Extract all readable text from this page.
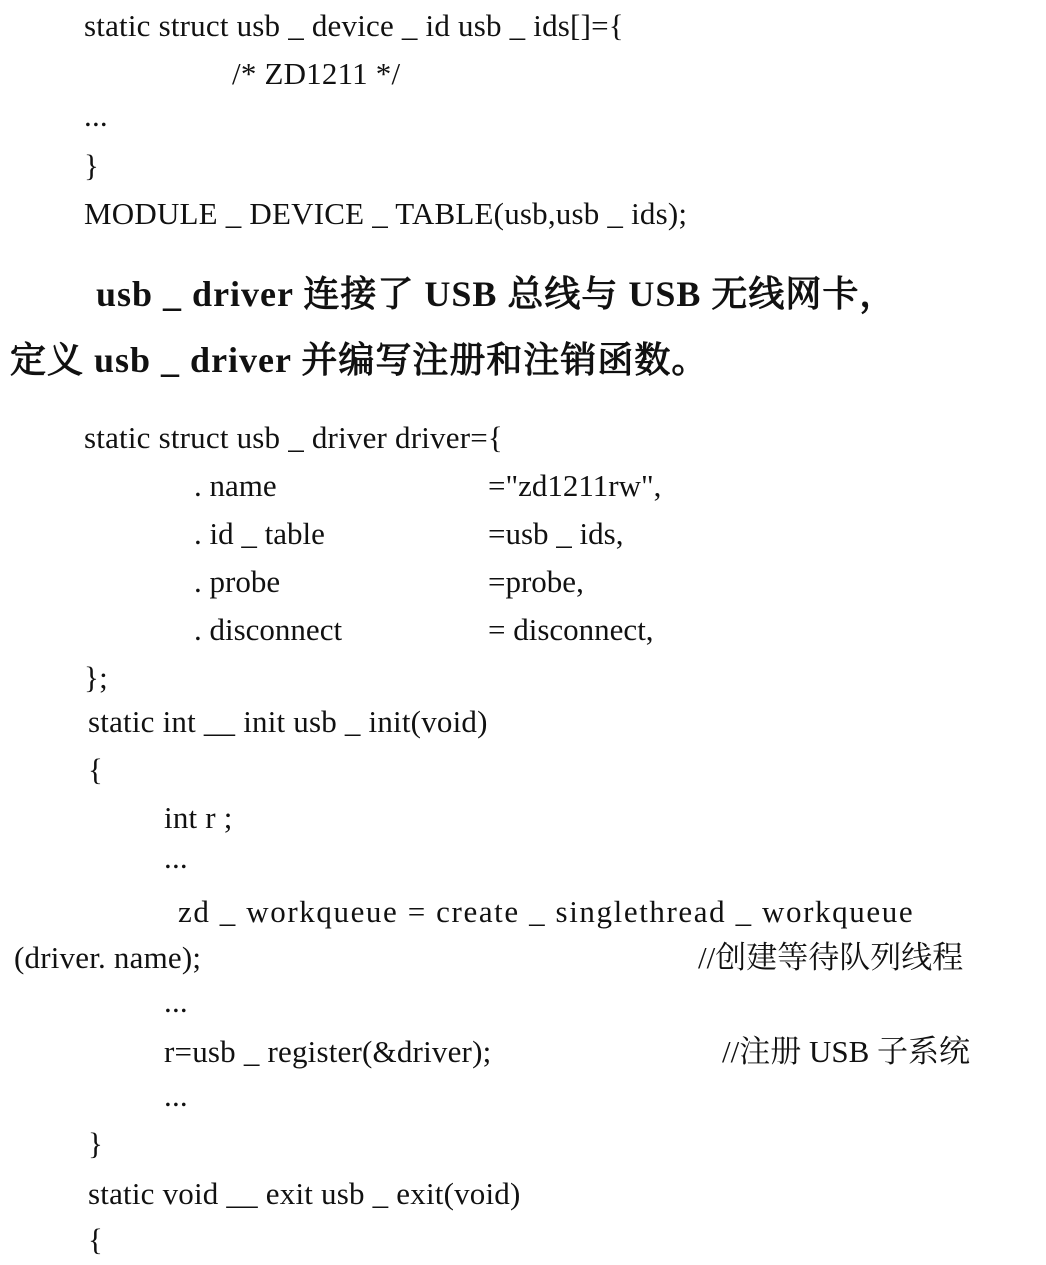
static struct usb _ device _ id usb _ ids[]={
/* ZD1211 */
...
}
MODULE _ DEVICE _ TABLE(usb,usb _ ids);
usb _ driver 连接了 USB 总线与 USB 无线网卡，
定义 usb _ driver 并编写注册和注销函数。
static struct usb _ driver driver={
. name	="zd1211rw",
. id _ table	=usb _ ids,
. probe	=probe,
. disconnect	= disconnect,
};
static int __ init usb _ init(void)
{
int r ;
...
zd _ workqueue = create _ singlethread _ workqueue
(driver. name);	//创建等待队列线程
...
r=usb _ register(&driver);	//注册 USB 子系统
...
}
static void __ exit usb _ exit(void)
{
